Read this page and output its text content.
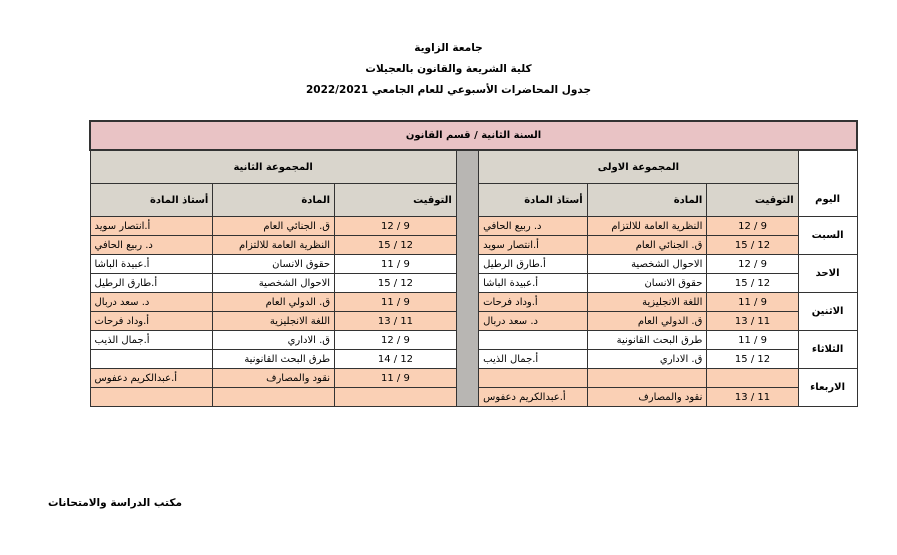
جامعة الزاوية
كلية الشريعة والقانون بالعجيلات
جدول المحاضرات الأسبوعي للعام الجامعي 2022/2021
السنة الثانية / قسم القانون							
	المجموعة الاولى				المجموعة الثانية		
اليوم	التوقيت	المادة	أستاذ المادة		التوقيت	المادة	أستاذ المادة
السبت	9 / 12	النظرية العامة للالتزام	د. ربيع الحافي		9 / 12	ق. الجنائي العام	أ.انتصار سويد
	12 / 15	ق. الجنائي العام	أ.انتصار سويد		12 / 15	النظرية العامة للالتزام	د. ربيع الحافي
الاحد	9 / 12	الاحوال الشخصية	أ.طارق الرطيل		9 / 11	حقوق الانسان	أ.عبيدة الباشا
	12 / 15	حقوق الانسان	أ.عبيدة الباشا		12 / 15	الاحوال الشخصية	أ.طارق الرطيل
الاثنين	9 / 11	اللغة الانجليزية	أ.وداد فرحات		9 / 11	ق. الدولي العام	د. سعد دربال
	11 / 13	ق. الدولي العام	د. سعد دربال		11 / 13	اللغة الانجليزية	أ.وداد فرحات
الثلاثاء	9 / 11	طرق البحث القانونية			9 / 12	ق. الاداري	أ.جمال الذيب
	12 / 15	ق. الاداري	أ.جمال الذيب		12 / 14	طرق البحث القانونية	
الاربعاء					9 / 11	نقود والمصارف	أ.عبدالكريم دعفوس
	11 / 13	نقود والمصارف	أ.عبدالكريم دعفوس				
مكتب الدراسة والامتحانات
